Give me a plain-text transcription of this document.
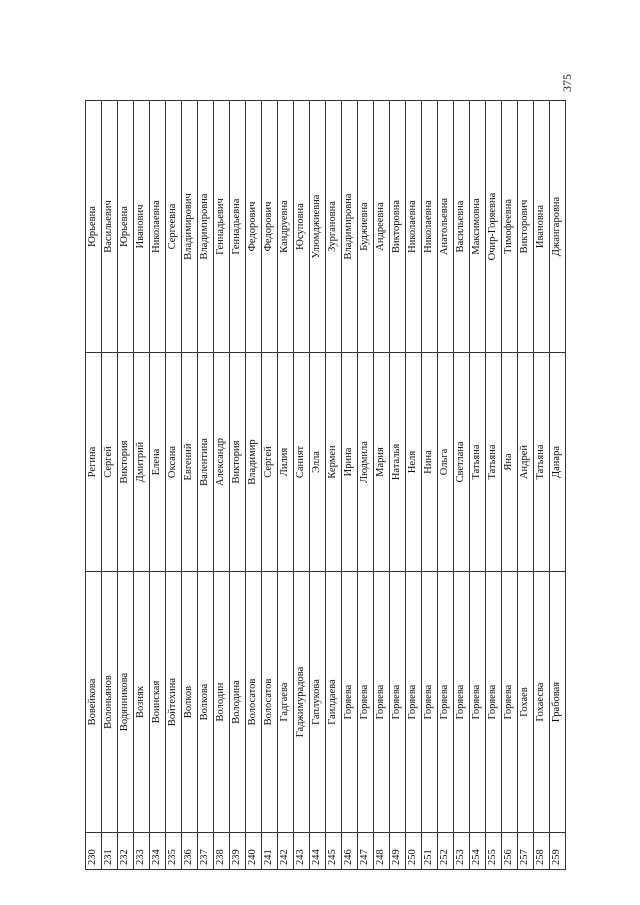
375
230	Вовейкова	Регина	Юрьевна
231	Волоньянов	Сергей	Васильевич
232	Водянникова	Виктория	Юрьевна
233	Возняк	Дмитрий	Иванович
234	Воинская	Елена	Николаевна
235	Войтехина	Оксана	Сергеевна
236	Волков	Евгений	Владимирович
237	Волкова	Валентина	Владимировна
238	Володин	Александр	Геннадьевич
239	Володина	Виктория	Геннадьевна
240	Волосатов	Владимир	Федорович
241	Волосатов	Сергей	Федорович
242	Гадгаева	Лилия	Кандруевна
243	Гаджимурадова	Саният	Юсуповна
244	Гаплукова	Элла	Улюмджиевна
245	Гаилдаева	Кермен	Зургановна
246	Горяева	Ирина	Владимировна
247	Горяева	Людмила	Буджиевна
248	Горяева	Мария	Андреевна
249	Горяева	Наталья	Викторовна
250	Горяева	Неля	Николаевна
251	Горяева	Нина	Николаевна
252	Горяева	Ольга	Анатольевна
253	Горяева	Светлана	Васильевна
254	Горяева	Татьяна	Максимовна
255	Горяева	Татьяна	Очир-Горяевна
256	Горяева	Яна	Тимофеевна
257	Гохаев	Андрей	Викторович
258	Гохаесва	Татьяна	Ивановна
259	Грабовая	Данара	Джангаровна
